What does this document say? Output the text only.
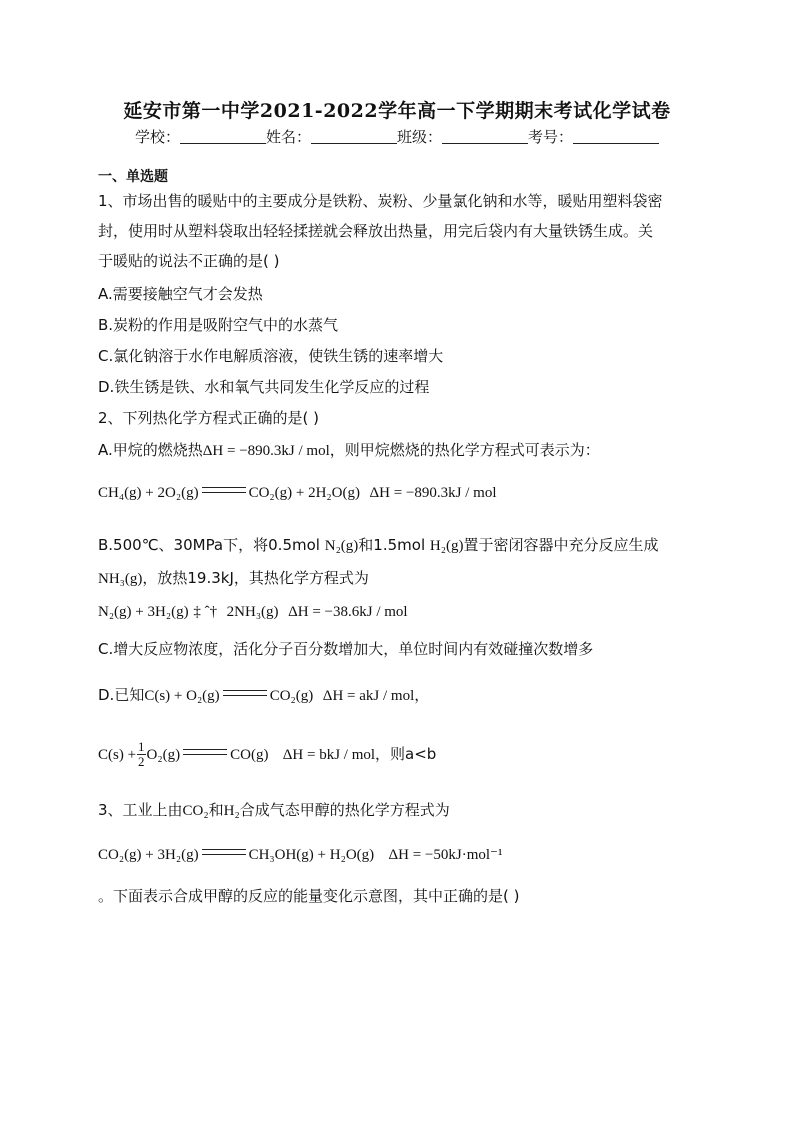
延安市第一中学2021-2022学年高一下学期期末考试化学试卷
学校：	姓名：	班级：	考号：
一、单选题
1、市场出售的暖贴中的主要成分是铁粉、炭粉、少量氯化钠和水等，暖贴用塑料袋密
封，使用时从塑料袋取出轻轻揉搓就会释放出热量，用完后袋内有大量铁锈生成。关
于暖贴的说法不正确的是( )
A.需要接触空气才会发热
B.炭粉的作用是吸附空气中的水蒸气
C.氯化钠溶于水作电解质溶液，使铁生锈的速率增大
D.铁生锈是铁、水和氧气共同发生化学反应的过程
2、下列热化学方程式正确的是( )
A.甲烷的燃烧热ΔH = −890.3kJ / mol，则甲烷燃烧的热化学方程式可表示为：
CH₄(g) + 2O₂(g)	CO₂(g) + 2H₂O(g) ΔH = −890.3kJ / mol
B.500℃、30MPa下，将0.5mol N₂(g)和1.5mol H₂(g)置于密闭容器中充分反应生成
NH₃(g)，放热19.3kJ，其热化学方程式为
N₂(g) + 3H₂(g) ‡ ˆ† 2NH₃(g) ΔH = −38.6kJ / mol
C.增大反应物浓度，活化分子百分数增加大，单位时间内有效碰撞次数增多
D.已知C(s) + O₂(g)	CO₂(g) ΔH = akJ / mol，
$C(s) + \frac{1}{2} O_2(g)$	CO(g) ΔH = bkJ / mol，则a<b
3、工业上由CO₂和H₂合成气态甲醇的热化学方程式为
CO₂(g) + 3H₂(g)	CH₃OH(g) + H₂O(g) ΔH = −50kJ·mol⁻¹
。下面表示合成甲醇的反应的能量变化示意图，其中正确的是( )
